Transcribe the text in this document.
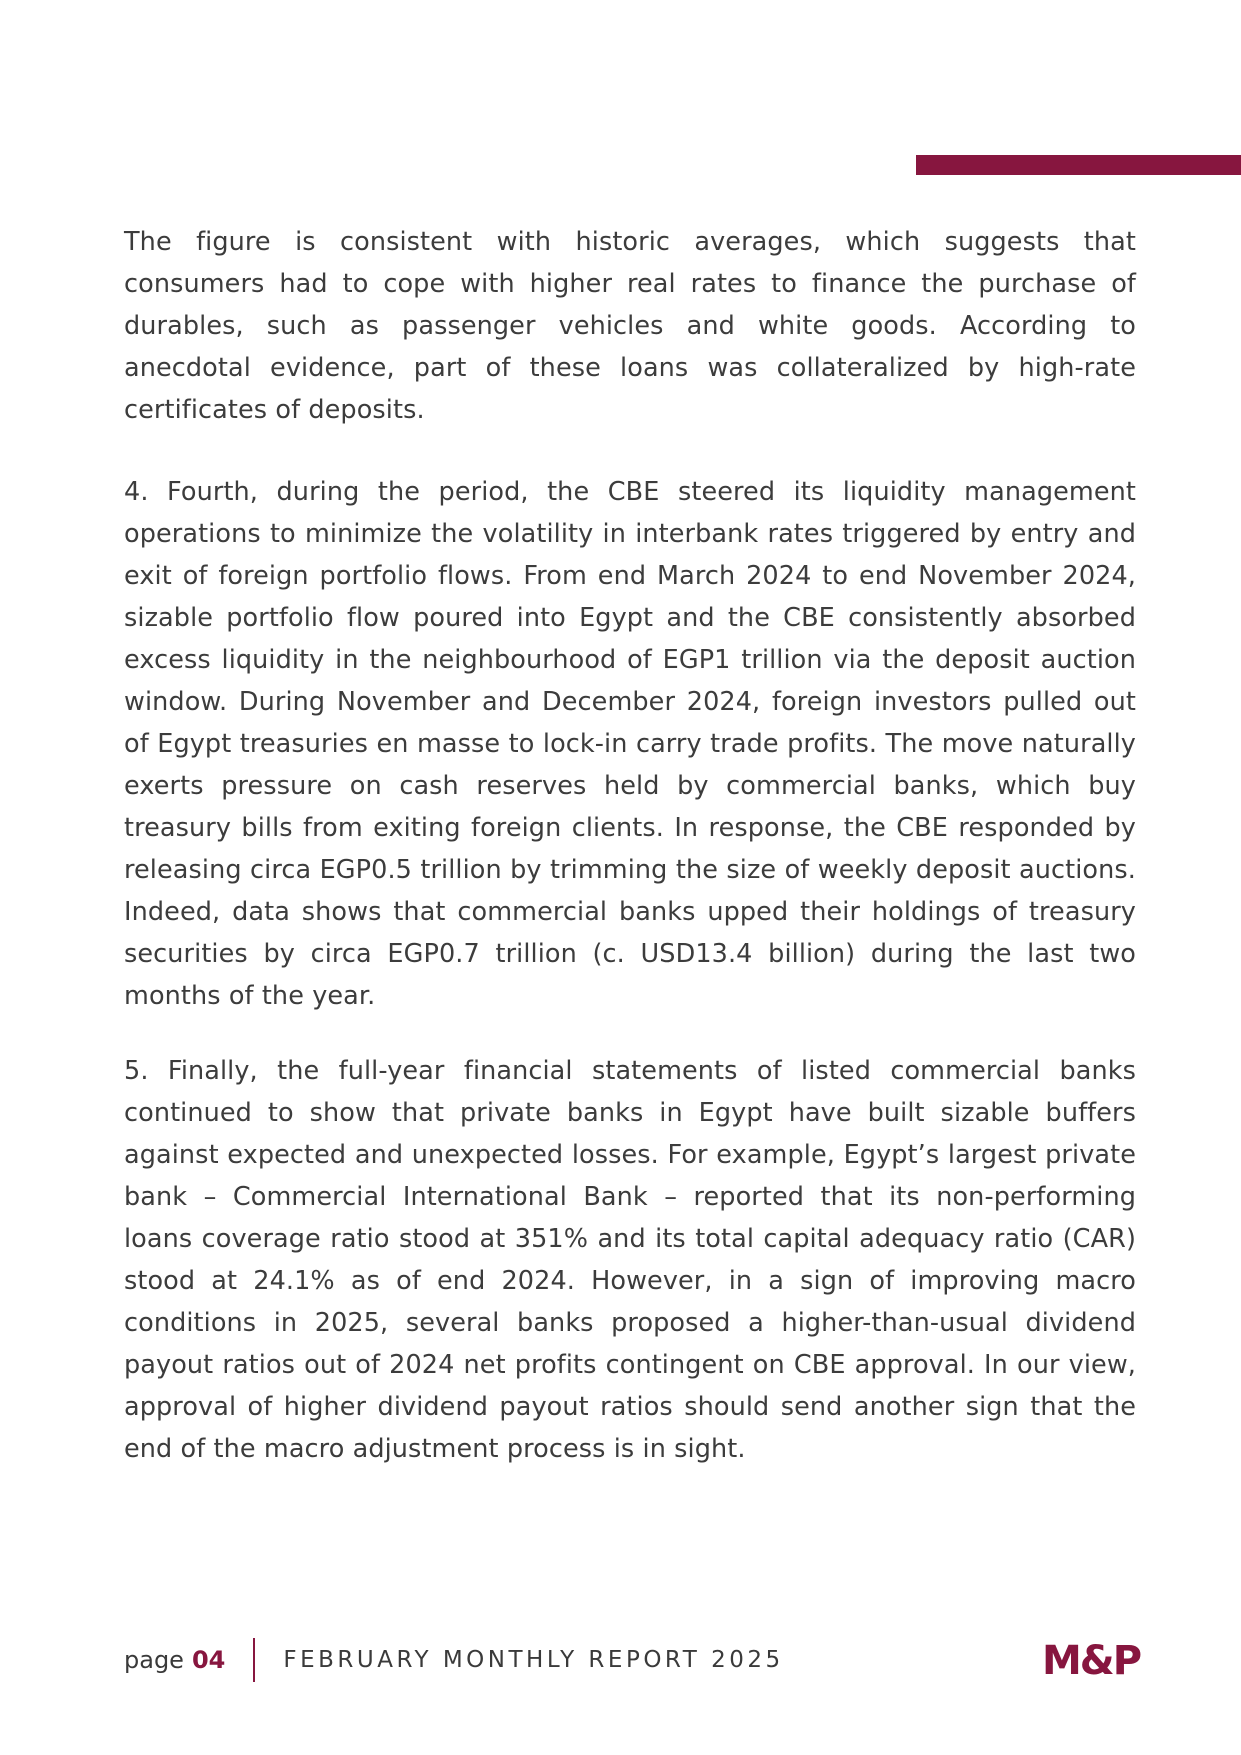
The figure is consistent with historic averages, which suggests that consumers had to cope with higher real rates to finance the purchase of durables, such as passenger vehicles and white goods. According to anecdotal evidence, part of these loans was collateralized by high-rate certificates of deposits.

4. Fourth, during the period, the CBE steered its liquidity management operations to minimize the volatility in interbank rates triggered by entry and exit of foreign portfolio flows. From end March 2024 to end November 2024, sizable portfolio flow poured into Egypt and the CBE consistently absorbed excess liquidity in the neighbourhood of EGP1 trillion via the deposit auction window. During November and December 2024, foreign investors pulled out of Egypt treasuries en masse to lock-in carry trade profits. The move naturally exerts pressure on cash reserves held by commercial banks, which buy treasury bills from exiting foreign clients. In response, the CBE responded by releasing circa EGP0.5 trillion by trimming the size of weekly deposit auctions. Indeed, data shows that commercial banks upped their holdings of treasury securities by circa EGP0.7 trillion (c. USD13.4 billion) during the last two months of the year.

5. Finally, the full-year financial statements of listed commercial banks continued to show that private banks in Egypt have built sizable buffers against expected and unexpected losses. For example, Egypt’s largest private bank – Commercial International Bank – reported that its non-performing loans coverage ratio stood at 351% and its total capital adequacy ratio (CAR) stood at 24.1% as of end 2024. However, in a sign of improving macro conditions in 2025, several banks proposed a higher-than-usual dividend payout ratios out of 2024 net profits contingent on CBE approval. In our view, approval of higher dividend payout ratios should send another sign that the end of the macro adjustment process is in sight.

page 04	FEBRUARY MONTHLY REPORT 2025	M&P
